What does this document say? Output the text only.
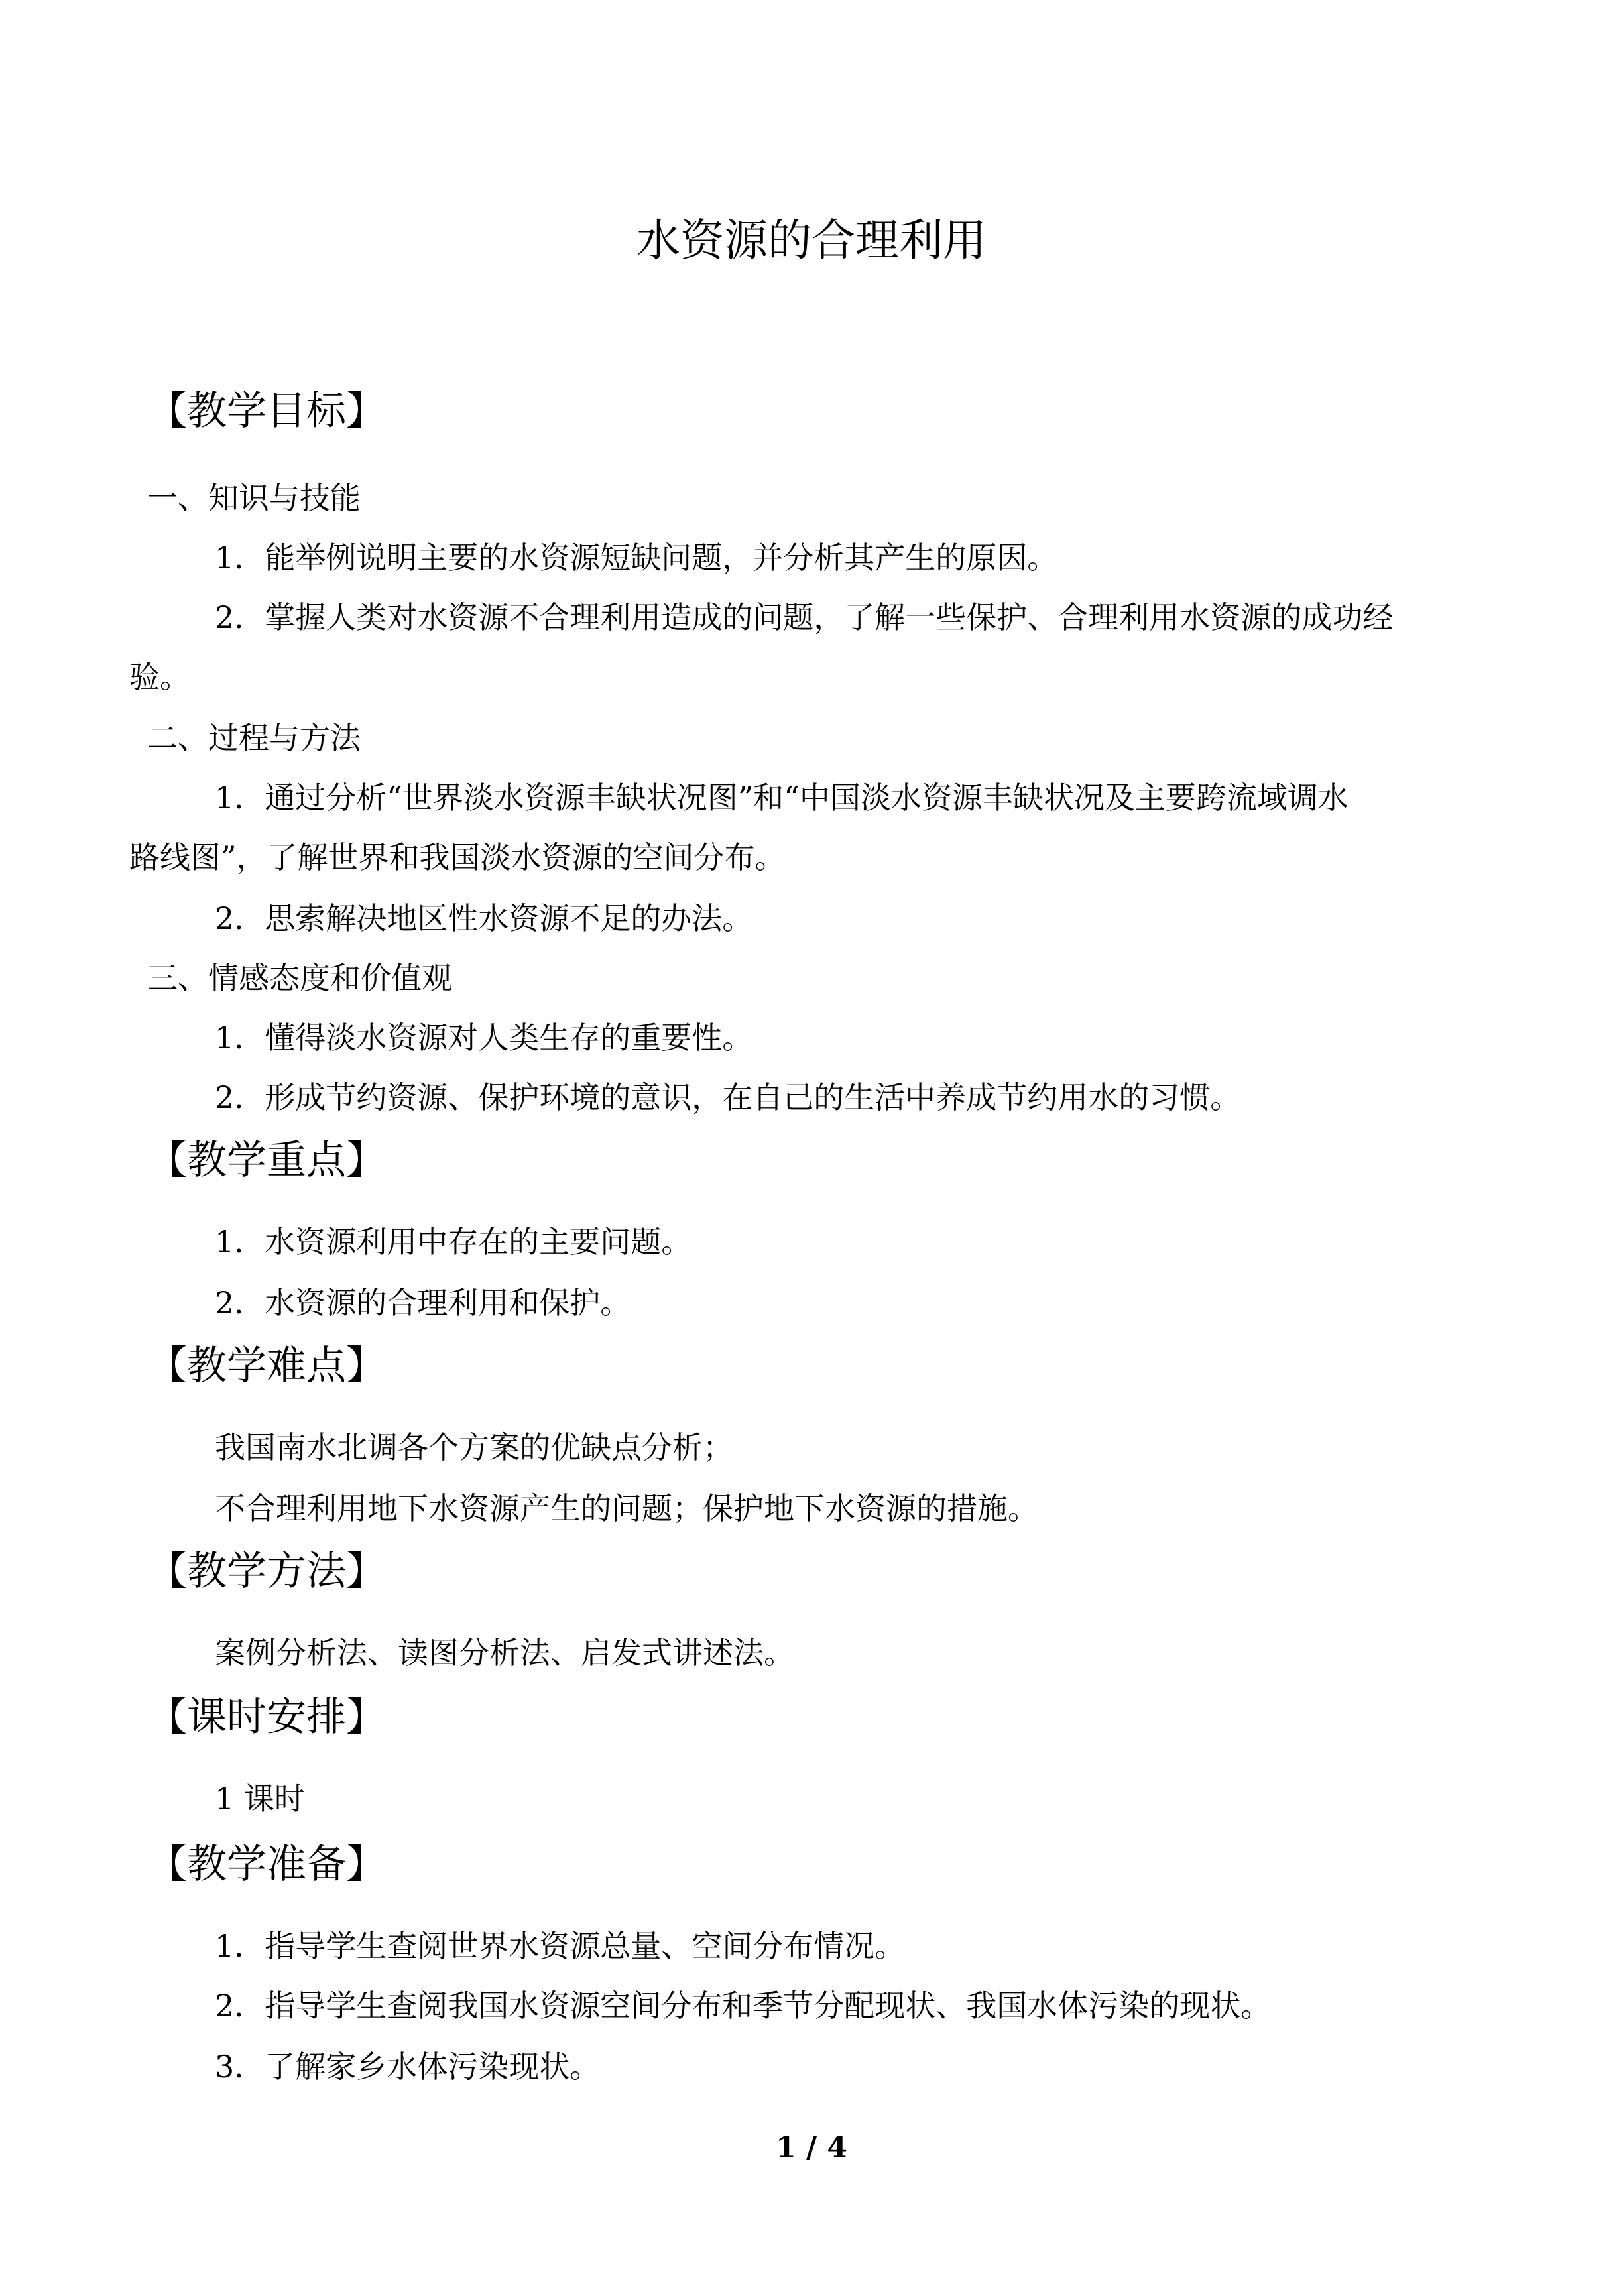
水资源的合理利用
【教学目标】
一、知识与技能
1．能举例说明主要的水资源短缺问题，并分析其产生的原因。
2．掌握人类对水资源不合理利用造成的问题，了解一些保护、合理利用水资源的成功经
验。
二、过程与方法
1．通过分析“世界淡水资源丰缺状况图”和“中国淡水资源丰缺状况及主要跨流域调水
路线图”，了解世界和我国淡水资源的空间分布。
2．思索解决地区性水资源不足的办法。
三、情感态度和价值观
1．懂得淡水资源对人类生存的重要性。
2．形成节约资源、保护环境的意识，在自己的生活中养成节约用水的习惯。
【教学重点】
1．水资源利用中存在的主要问题。
2．水资源的合理利用和保护。
【教学难点】
我国南水北调各个方案的优缺点分析；
不合理利用地下水资源产生的问题；保护地下水资源的措施。
【教学方法】
案例分析法、读图分析法、启发式讲述法。
【课时安排】
1 课时
【教学准备】
1．指导学生查阅世界水资源总量、空间分布情况。
2．指导学生查阅我国水资源空间分布和季节分配现状、我国水体污染的现状。
3．了解家乡水体污染现状。
1 / 4
